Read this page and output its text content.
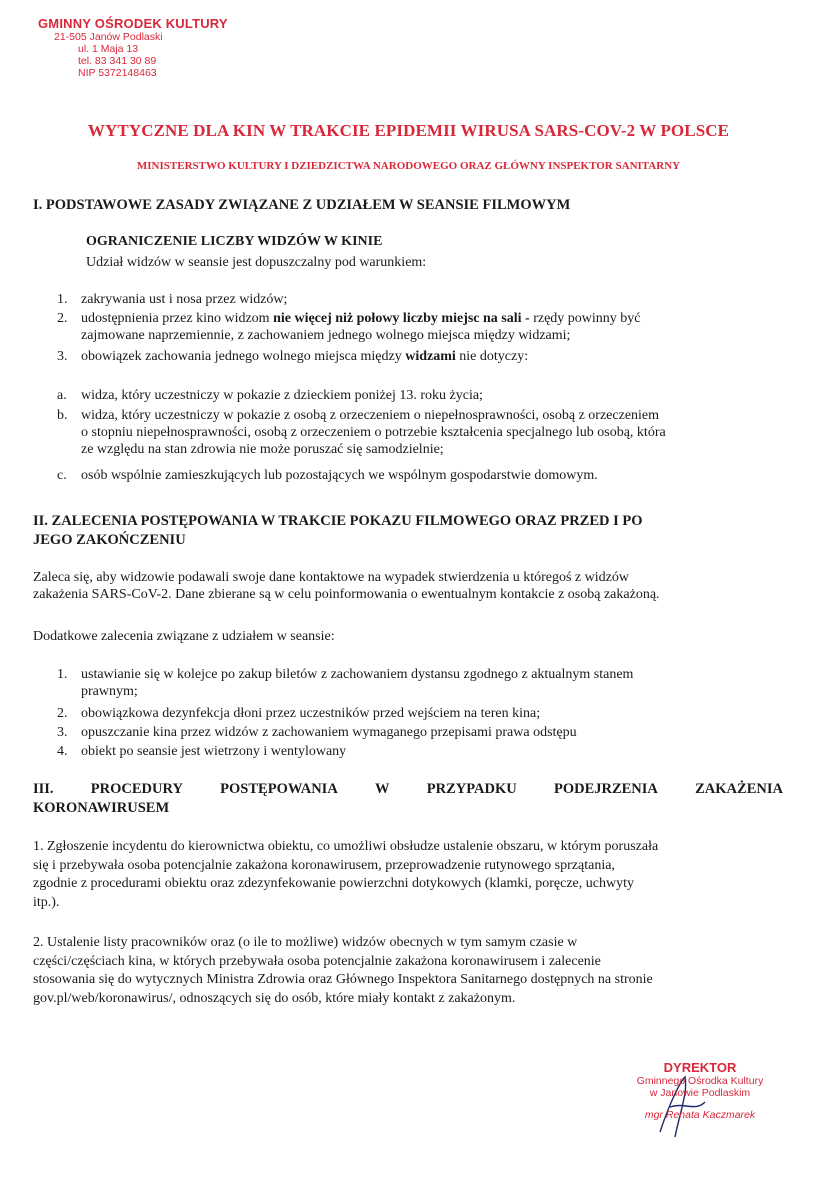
GMINNY OŚRODEK KULTURY
21-505 Janów Podlaski
ul. 1 Maja 13
tel. 83 341 30 89
NIP 5372148463
WYTYCZNE DLA KIN W TRAKCIE EPIDEMII WIRUSA SARS-COV-2 W POLSCE
MINISTERSTWO KULTURY I DZIEDZICTWA NARODOWEGO ORAZ GŁÓWNY INSPEKTOR SANITARNY
I. PODSTAWOWE ZASADY ZWIĄZANE Z UDZIAŁEM W SEANSIE FILMOWYM
OGRANICZENIE LICZBY WIDZÓW W KINIE
Udział widzów w seansie jest dopuszczalny pod warunkiem:
1. zakrywania ust i nosa przez widzów;
2. udostępnienia przez kino widzom nie więcej niż połowy liczby miejsc na sali - rzędy powinny być
zajmowane naprzemiennie, z zachowaniem jednego wolnego miejsca między widzami;
3. obowiązek zachowania jednego wolnego miejsca między widzami nie dotyczy:
a. widza, który uczestniczy w pokazie z dzieckiem poniżej 13. roku życia;
b. widza, który uczestniczy w pokazie z osobą z orzeczeniem o niepełnosprawności, osobą z orzeczeniem
o stopniu niepełnosprawności, osobą z orzeczeniem o potrzebie kształcenia specjalnego lub osobą, która
ze względu na stan zdrowia nie może poruszać się samodzielnie;
c. osób wspólnie zamieszkujących lub pozostających we wspólnym gospodarstwie domowym.
II. ZALECENIA POSTĘPOWANIA W TRAKCIE POKAZU FILMOWEGO ORAZ PRZED I PO
JEGO ZAKOŃCZENIU
Zaleca się, aby widzowie podawali swoje dane kontaktowe na wypadek stwierdzenia u któregoś z widzów
zakażenia SARS-CoV-2. Dane zbierane są w celu poinformowania o ewentualnym kontakcie z osobą zakażoną.
Dodatkowe zalecenia związane z udziałem w seansie:
1. ustawianie się w kolejce po zakup biletów z zachowaniem dystansu zgodnego z aktualnym stanem
prawnym;
2. obowiązkowa dezynfekcja dłoni przez uczestników przed wejściem na teren kina;
3. opuszczanie kina przez widzów z zachowaniem wymaganego przepisami prawa odstępu
4. obiekt po seansie jest wietrzony i wentylowany
III.	PROCEDURY	POSTĘPOWANIA	W	PRZYPADKU	PODEJRZENIA	ZAKAŻENIA
KORONAWIRUSEM
1. Zgłoszenie incydentu do kierownictwa obiektu, co umożliwi obsłudze ustalenie obszaru, w którym poruszała
się i przebywała osoba potencjalnie zakażona koronawirusem, przeprowadzenie rutynowego sprzątania,
zgodnie z procedurami obiektu oraz zdezynfekowanie powierzchni dotykowych (klamki, poręcze, uchwyty
itp.).
2. Ustalenie listy pracowników oraz (o ile to możliwe) widzów obecnych w tym samym czasie w
części/częściach kina, w których przebywała osoba potencjalnie zakażona koronawirusem i zalecenie
stosowania się do wytycznych Ministra Zdrowia oraz Głównego Inspektora Sanitarnego dostępnych na stronie
gov.pl/web/koronawirus/, odnoszących się do osób, które miały kontakt z zakażonym.
DYREKTOR
Gminnego Ośrodka Kultury
w Janowie Podlaskim
mgr Renata Kaczmarek
